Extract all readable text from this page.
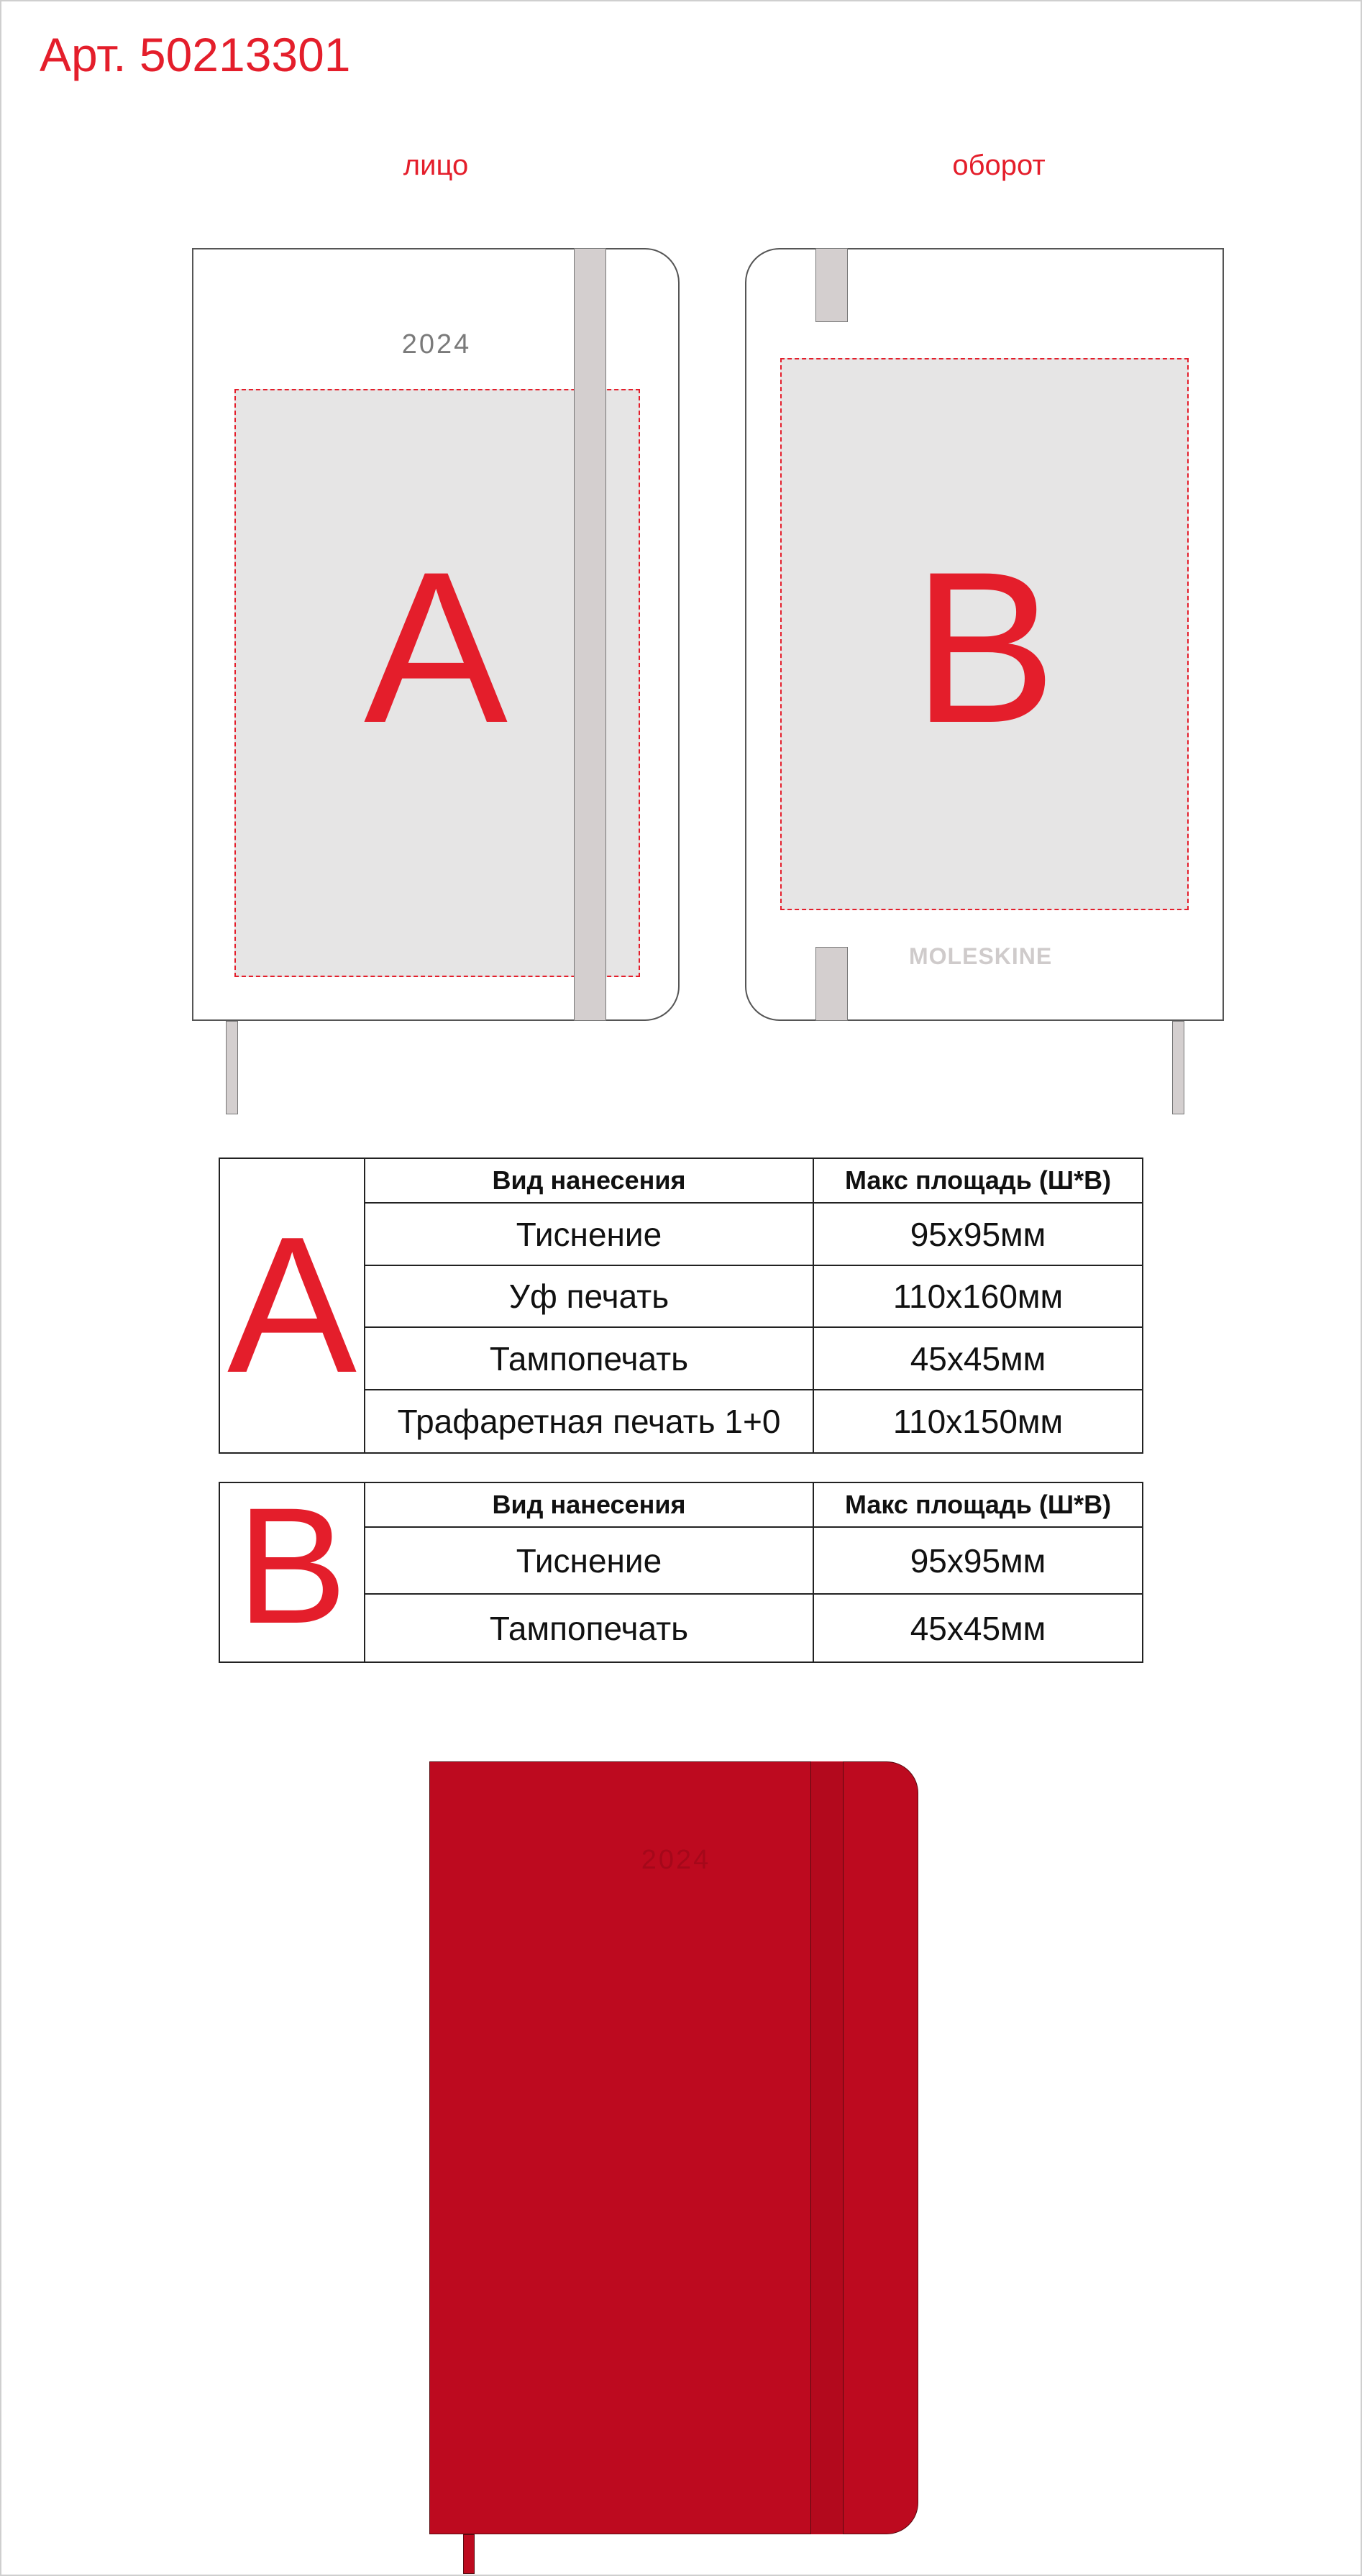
Арт. 50213301
лицо	оборот
2024
A	B
MOLESKINE
A
Вид нанесения	Макс площадь (Ш*В)
Тиснение	95x95мм
Уф печать	110x160мм
Тампопечать	45x45мм
Трафаретная печать 1+0	110x150мм
B	Вид нанесения	Макс площадь (Ш*В)
Тиснение	95x95мм
Тампопечать	45x45мм
2024
